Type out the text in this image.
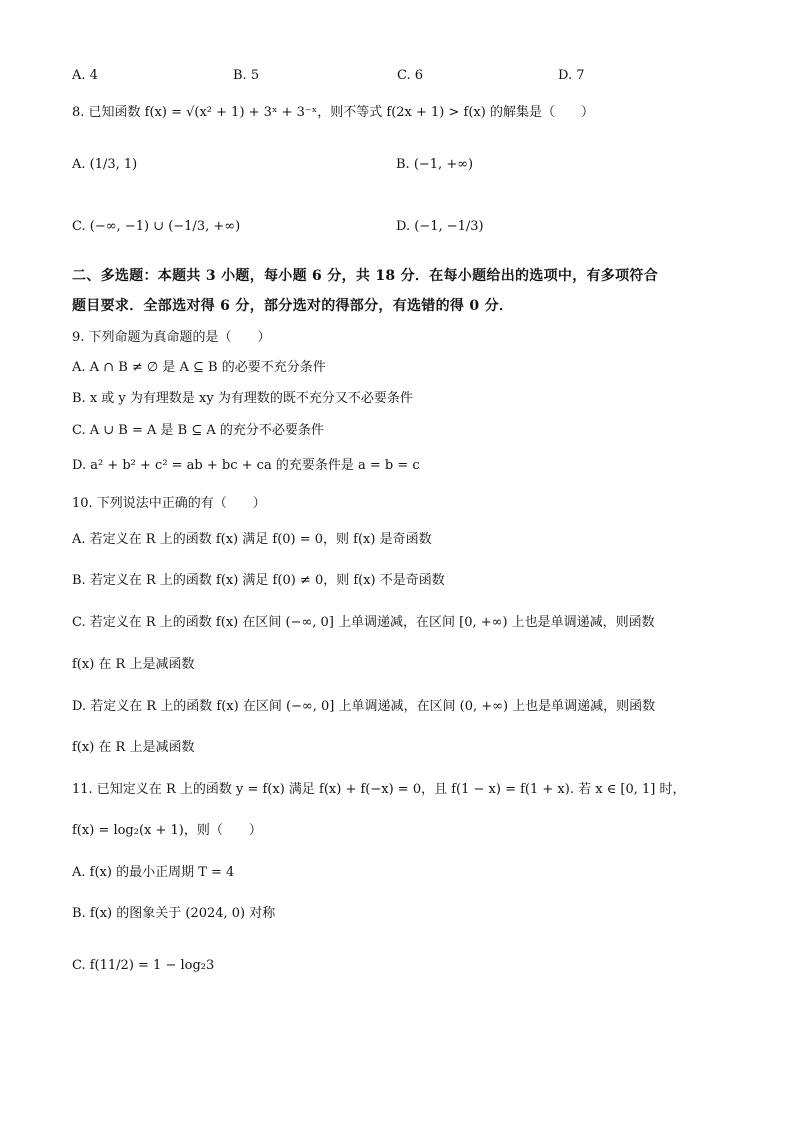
A. 4	B. 5	C. 6	D. 7
8. 已知函数 f(x) = √(x² + 1) + 3ˣ + 3⁻ˣ，则不等式 f(2x + 1) > f(x) 的解集是（　　）
A. (1/3, 1)	B. (−1, +∞)
C. (−∞, −1) ∪ (−1/3, +∞)	D. (−1, −1/3)
二、多选题：本题共 3 小题，每小题 6 分，共 18 分．在每小题给出的选项中，有多项符合
题目要求．全部选对得 6 分，部分选对的得部分，有选错的得 0 分．
9. 下列命题为真命题的是（　　）
A. A ∩ B ≠ ∅ 是 A ⊆ B 的必要不充分条件
B. x 或 y 为有理数是 xy 为有理数的既不充分又不必要条件
C. A ∪ B = A 是 B ⊆ A 的充分不必要条件
D. a² + b² + c² = ab + bc + ca 的充要条件是 a = b = c
10. 下列说法中正确的有（　　）
A. 若定义在 R 上的函数 f(x) 满足 f(0) = 0，则 f(x) 是奇函数
B. 若定义在 R 上的函数 f(x) 满足 f(0) ≠ 0，则 f(x) 不是奇函数
C. 若定义在 R 上的函数 f(x) 在区间 (−∞, 0] 上单调递减，在区间 [0, +∞) 上也是单调递减，则函数
f(x) 在 R 上是减函数
D. 若定义在 R 上的函数 f(x) 在区间 (−∞, 0] 上单调递减，在区间 (0, +∞) 上也是单调递减，则函数
f(x) 在 R 上是减函数
11. 已知定义在 R 上的函数 y = f(x) 满足 f(x) + f(−x) = 0，且 f(1 − x) = f(1 + x). 若 x ∈ [0, 1] 时，
f(x) = log₂(x + 1)，则（　　）
A. f(x) 的最小正周期 T = 4
B. f(x) 的图象关于 (2024, 0) 对称
C. f(11/2) = 1 − log₂3
